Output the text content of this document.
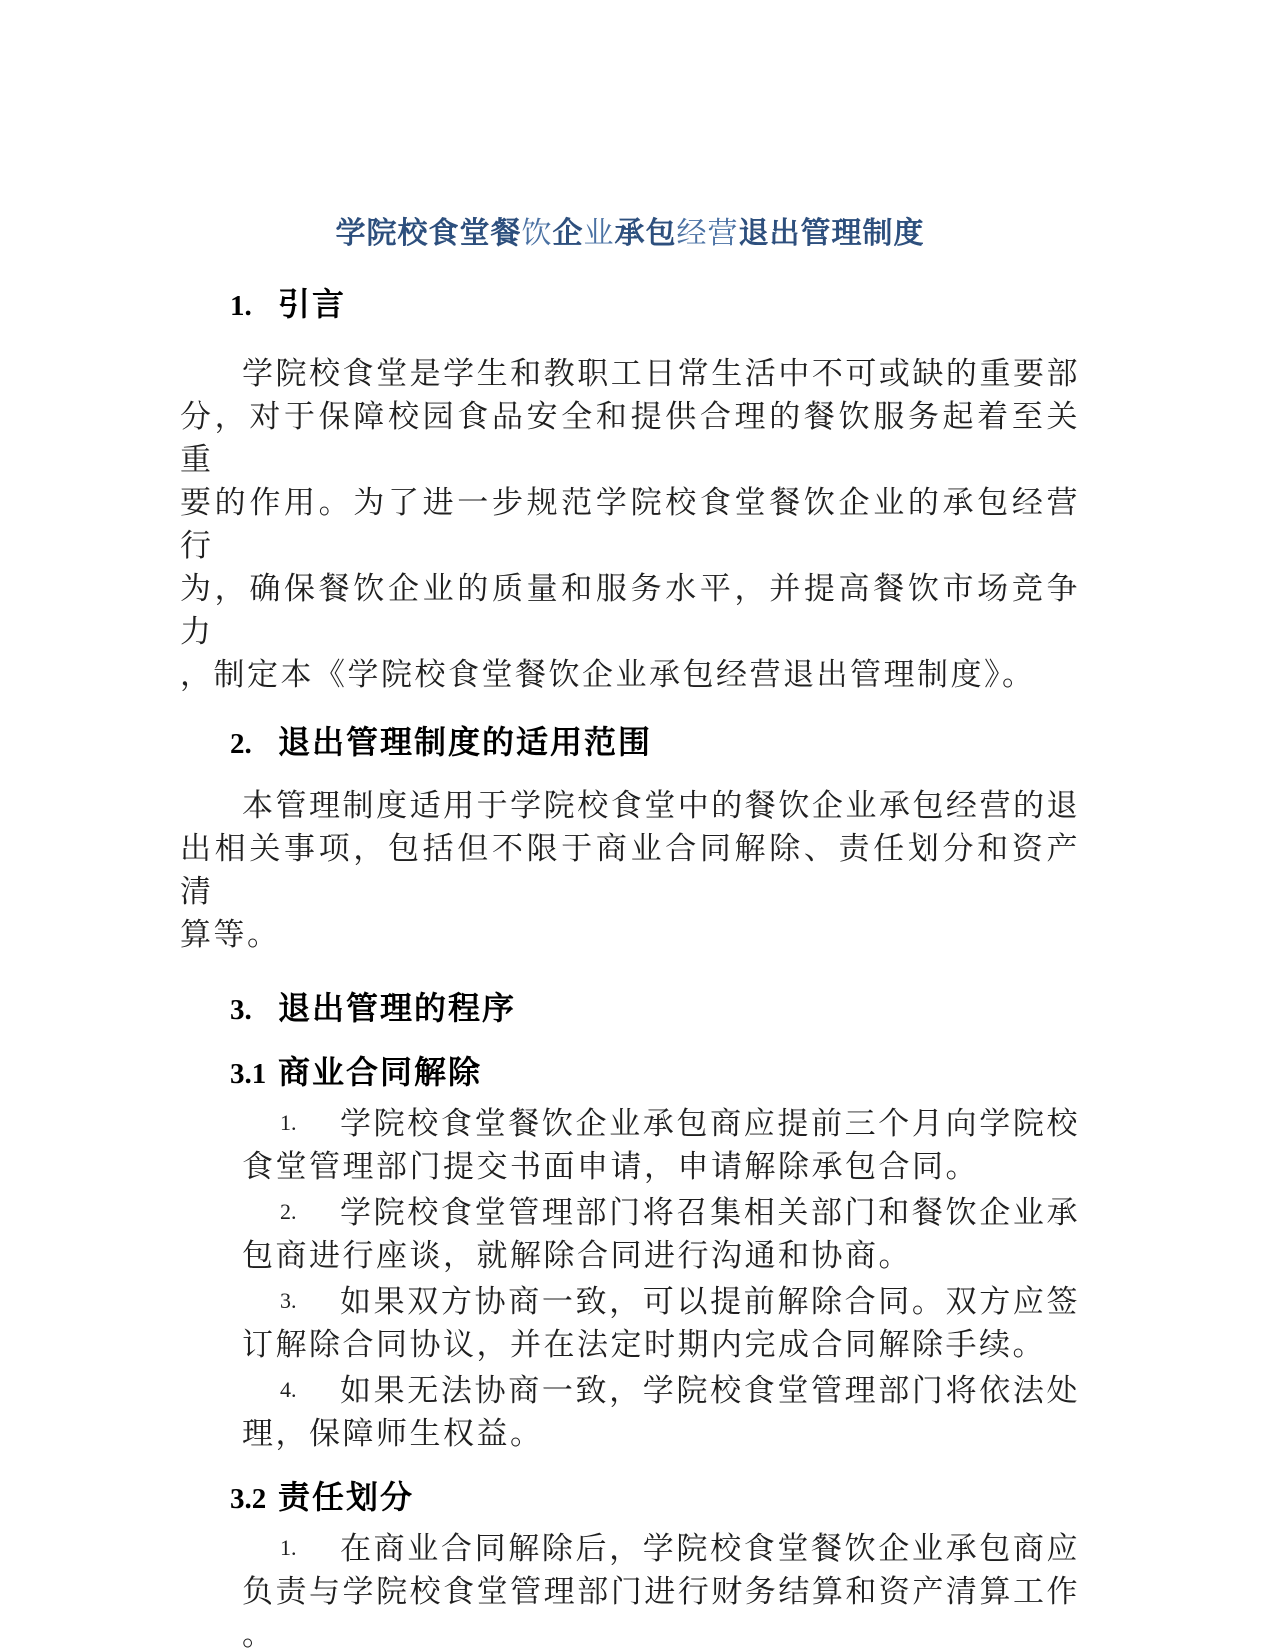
学院校食堂餐饮企业承包经营退出管理制度
1. 引言
学院校食堂是学生和教职工日常生活中不可或缺的重要部
分，对于保障校园食品安全和提供合理的餐饮服务起着至关重
要的作用。为了进一步规范学院校食堂餐饮企业的承包经营行
为，确保餐饮企业的质量和服务水平，并提高餐饮市场竞争力
，制定本《学院校食堂餐饮企业承包经营退出管理制度》。
2. 退出管理制度的适用范围
本管理制度适用于学院校食堂中的餐饮企业承包经营的退
出相关事项，包括但不限于商业合同解除、责任划分和资产清
算等。
3. 退出管理的程序
3.1 商业合同解除
1. 学院校食堂餐饮企业承包商应提前三个月向学院校
食堂管理部门提交书面申请，申请解除承包合同。
2. 学院校食堂管理部门将召集相关部门和餐饮企业承
包商进行座谈，就解除合同进行沟通和协商。
3. 如果双方协商一致，可以提前解除合同。双方应签
订解除合同协议，并在法定时期内完成合同解除手续。
4. 如果无法协商一致，学院校食堂管理部门将依法处
理，保障师生权益。
3.2 责任划分
1. 在商业合同解除后，学院校食堂餐饮企业承包商应
负责与学院校食堂管理部门进行财务结算和资产清算工作
。
